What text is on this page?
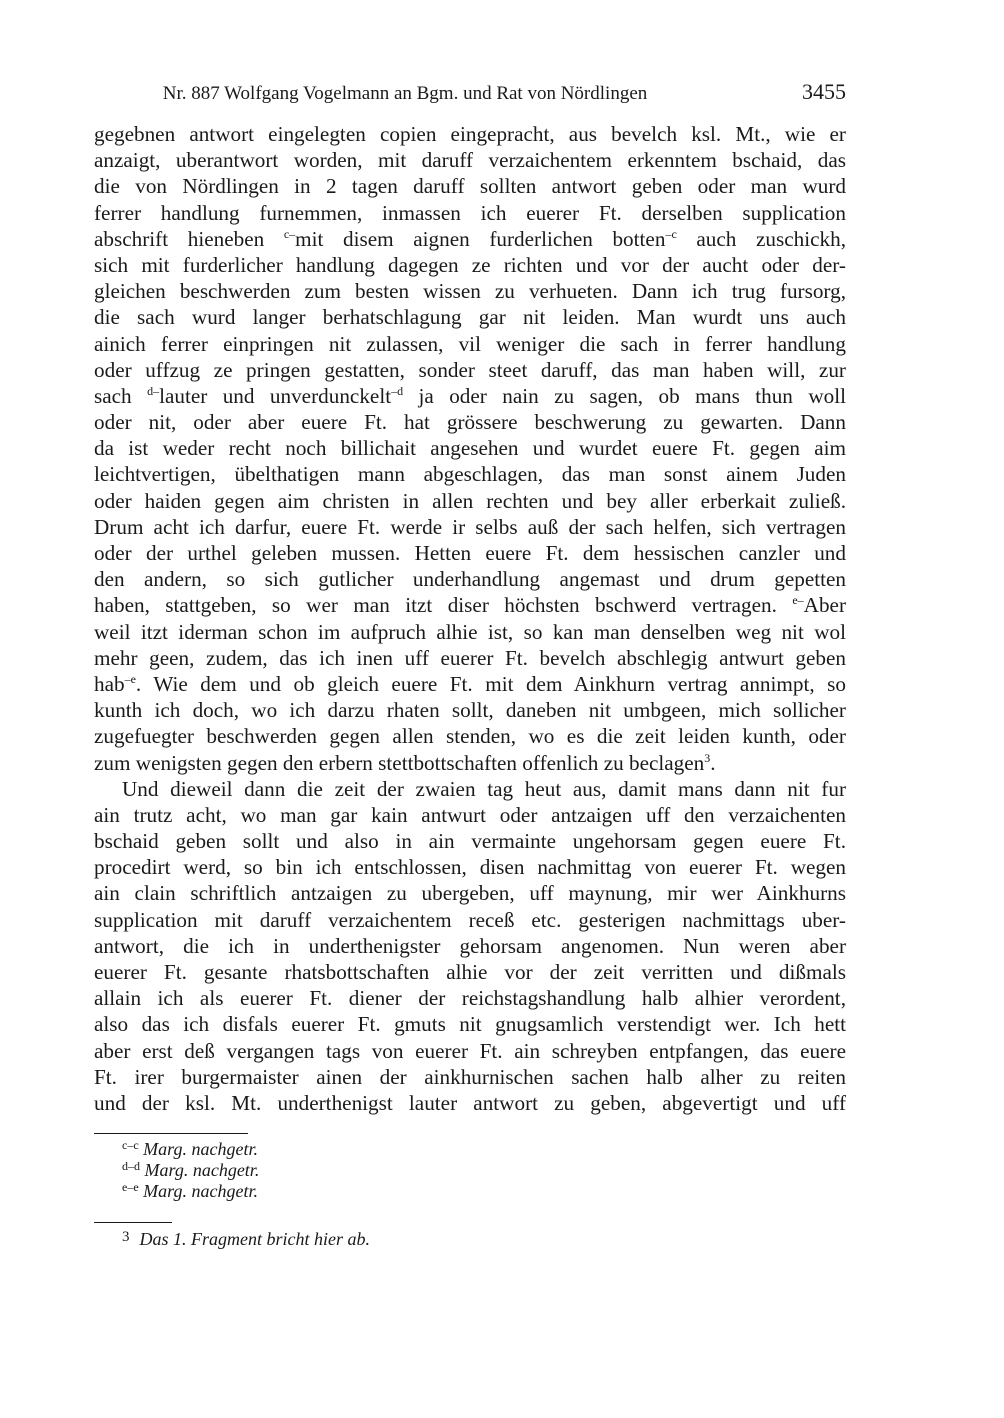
Nr. 887 Wolfgang Vogelmann an Bgm. und Rat von Nördlingen	3455
gegebnen antwort eingelegten copien eingepracht, aus bevelch ksl. Mt., wie er
anzaigt, uberantwort worden, mit daruff verzaichentem erkenntem bschaid, das
die von Nördlingen in 2 tagen daruff sollten antwort geben oder man wurd
ferrer handlung furnemmen, inmassen ich euerer Ft. derselben supplication
abschrift hieneben $^{c-}$mit disem aignen furderlichen botten$^{-c}$ auch zuschickh,
sich mit furderlicher handlung dagegen ze richten und vor der aucht oder der-
gleichen beschwerden zum besten wissen zu verhueten. Dann ich trug fursorg,
die sach wurd langer berhatschlagung gar nit leiden. Man wurdt uns auch
ainich ferrer einpringen nit zulassen, vil weniger die sach in ferrer handlung
oder uffzug ze pringen gestatten, sonder steet daruff, das man haben will, zur
sach $^{d-}$lauter und unverdunckelt$^{-d}$ ja oder nain zu sagen, ob mans thun woll
oder nit, oder aber euere Ft. hat grössere beschwerung zu gewarten. Dann
da ist weder recht noch billichait angesehen und wurdet euere Ft. gegen aim
leichtvertigen, übelthatigen mann abgeschlagen, das man sonst ainem Juden
oder haiden gegen aim christen in allen rechten und bey aller erberkait zuließ.
Drum acht ich darfur, euere Ft. werde ir selbs auß der sach helfen, sich vertragen
oder der urthel geleben mussen. Hetten euere Ft. dem hessischen canzler und
den andern, so sich gutlicher underhandlung angemast und drum gepetten
haben, stattgeben, so wer man itzt diser höchsten bschwerd vertragen. $^{e-}$Aber
weil itzt iderman schon im aufpruch alhie ist, so kan man denselben weg nit wol
mehr geen, zudem, das ich inen uff euerer Ft. bevelch abschlegig antwurt geben
hab$^{-e}$. Wie dem und ob gleich euere Ft. mit dem Ainkhurn vertrag annimpt, so
kunth ich doch, wo ich darzu rhaten sollt, daneben nit umbgeen, mich sollicher
zugefuegter beschwerden gegen allen stenden, wo es die zeit leiden kunth, oder
zum wenigsten gegen den erbern stettbottschaften offenlich zu beclagen$^3$.
Und dieweil dann die zeit der zwaien tag heut aus, damit mans dann nit fur
ain trutz acht, wo man gar kain antwurt oder antzaigen uff den verzaichenten
bschaid geben sollt und also in ain vermainte ungehorsam gegen euere Ft.
procedirt werd, so bin ich entschlossen, disen nachmittag von euerer Ft. wegen
ain clain schriftlich antzaigen zu ubergeben, uff maynung, mir wer Ainkhurns
supplication mit daruff verzaichentem receß etc. gesterigen nachmittags uber-
antwort, die ich in underthenigster gehorsam angenomen. Nun weren aber
euerer Ft. gesante rhatsbottschaften alhie vor der zeit verritten und dißmals
allain ich als euerer Ft. diener der reichstagshandlung halb alhier verordent,
also das ich disfals euerer Ft. gmuts nit gnugsamlich verstendigt wer. Ich hett
aber erst deß vergangen tags von euerer Ft. ain schreyben entpfangen, das euere
Ft. irer burgermaister ainen der ainkhurnischen sachen halb alher zu reiten
und der ksl. Mt. underthenigst lauter antwort zu geben, abgevertigt und uff
$^{c-c}$ Marg. nachgetr.
$^{d-d}$ Marg. nachgetr.
$^{e-e}$ Marg. nachgetr.
$^3$ Das 1. Fragment bricht hier ab.
